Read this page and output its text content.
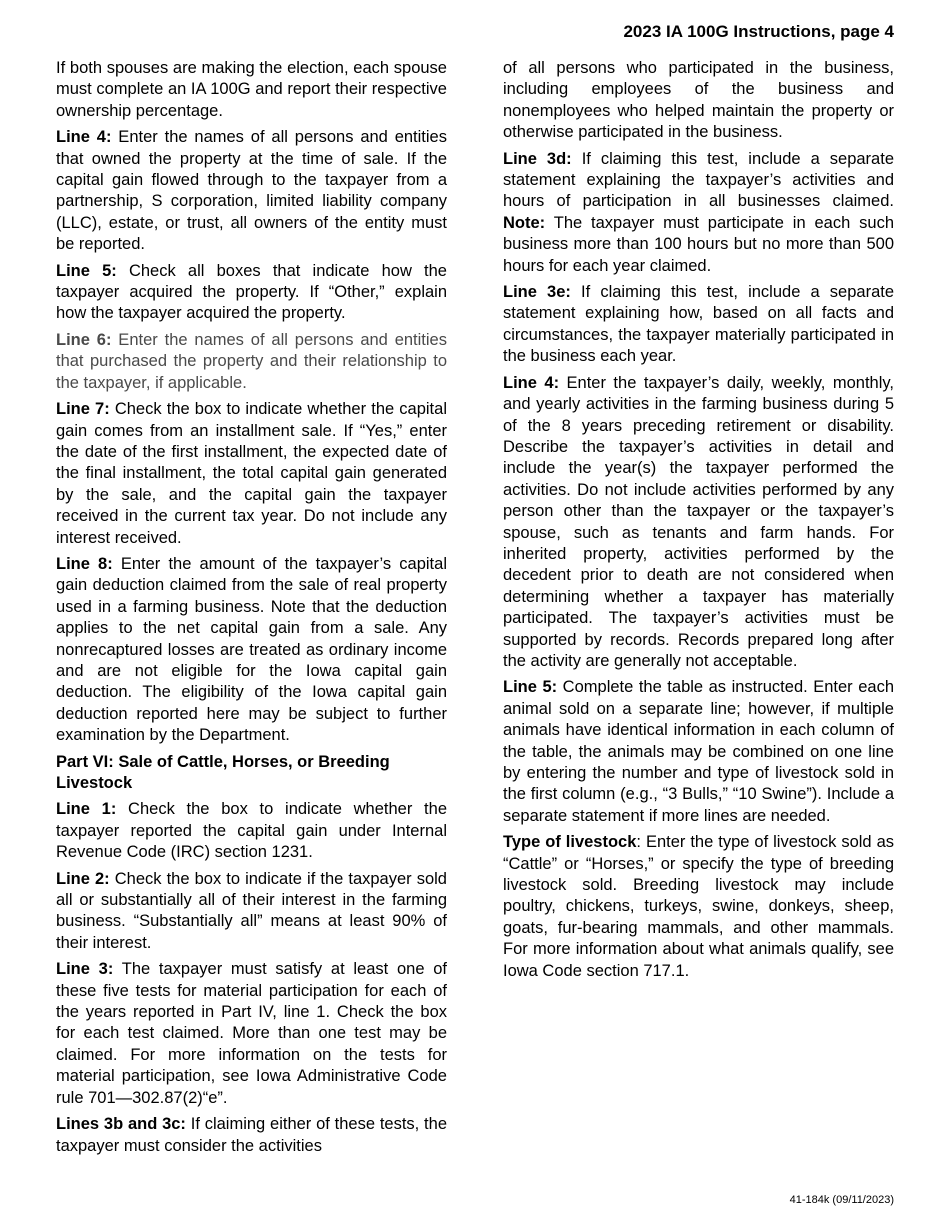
2023 IA 100G Instructions, page 4

If both spouses are making the election, each spouse must complete an IA 100G and report their respective ownership percentage.

Line 4: Enter the names of all persons and entities that owned the property at the time of sale. If the capital gain flowed through to the taxpayer from a partnership, S corporation, limited liability company (LLC), estate, or trust, all owners of the entity must be reported.

Line 5: Check all boxes that indicate how the taxpayer acquired the property. If “Other,” explain how the taxpayer acquired the property.

Line 6: Enter the names of all persons and entities that purchased the property and their relationship to the taxpayer, if applicable.

Line 7: Check the box to indicate whether the capital gain comes from an installment sale. If “Yes,” enter the date of the first installment, the expected date of the final installment, the total capital gain generated by the sale, and the capital gain the taxpayer received in the current tax year. Do not include any interest received.

Line 8: Enter the amount of the taxpayer’s capital gain deduction claimed from the sale of real property used in a farming business. Note that the deduction applies to the net capital gain from a sale. Any nonrecaptured losses are treated as ordinary income and are not eligible for the Iowa capital gain deduction. The eligibility of the Iowa capital gain deduction reported here may be subject to further examination by the Department.

Part VI: Sale of Cattle, Horses, or Breeding Livestock

Line 1: Check the box to indicate whether the taxpayer reported the capital gain under Internal Revenue Code (IRC) section 1231.

Line 2: Check the box to indicate if the taxpayer sold all or substantially all of their interest in the farming business. “Substantially all” means at least 90% of their interest.

Line 3: The taxpayer must satisfy at least one of these five tests for material participation for each of the years reported in Part IV, line 1. Check the box for each test claimed. More than one test may be claimed. For more information on the tests for material participation, see Iowa Administrative Code rule 701—302.87(2)“e”.

Lines 3b and 3c: If claiming either of these tests, the taxpayer must consider the activities

of all persons who participated in the business, including employees of the business and nonemployees who helped maintain the property or otherwise participated in the business.

Line 3d: If claiming this test, include a separate statement explaining the taxpayer’s activities and hours of participation in all businesses claimed. Note: The taxpayer must participate in each such business more than 100 hours but no more than 500 hours for each year claimed.

Line 3e: If claiming this test, include a separate statement explaining how, based on all facts and circumstances, the taxpayer materially participated in the business each year.

Line 4: Enter the taxpayer’s daily, weekly, monthly, and yearly activities in the farming business during 5 of the 8 years preceding retirement or disability. Describe the taxpayer’s activities in detail and include the year(s) the taxpayer performed the activities. Do not include activities performed by any person other than the taxpayer or the taxpayer’s spouse, such as tenants and farm hands. For inherited property, activities performed by the decedent prior to death are not considered when determining whether a taxpayer has materially participated. The taxpayer’s activities must be supported by records. Records prepared long after the activity are generally not acceptable.

Line 5: Complete the table as instructed. Enter each animal sold on a separate line; however, if multiple animals have identical information in each column of the table, the animals may be combined on one line by entering the number and type of livestock sold in the first column (e.g., “3 Bulls,” “10 Swine”). Include a separate statement if more lines are needed.

Type of livestock: Enter the type of livestock sold as “Cattle” or “Horses,” or specify the type of breeding livestock sold. Breeding livestock may include poultry, chickens, turkeys, swine, donkeys, sheep, goats, fur-bearing mammals, and other mammals. For more information about what animals qualify, see Iowa Code section 717.1.

41-184k (09/11/2023)
